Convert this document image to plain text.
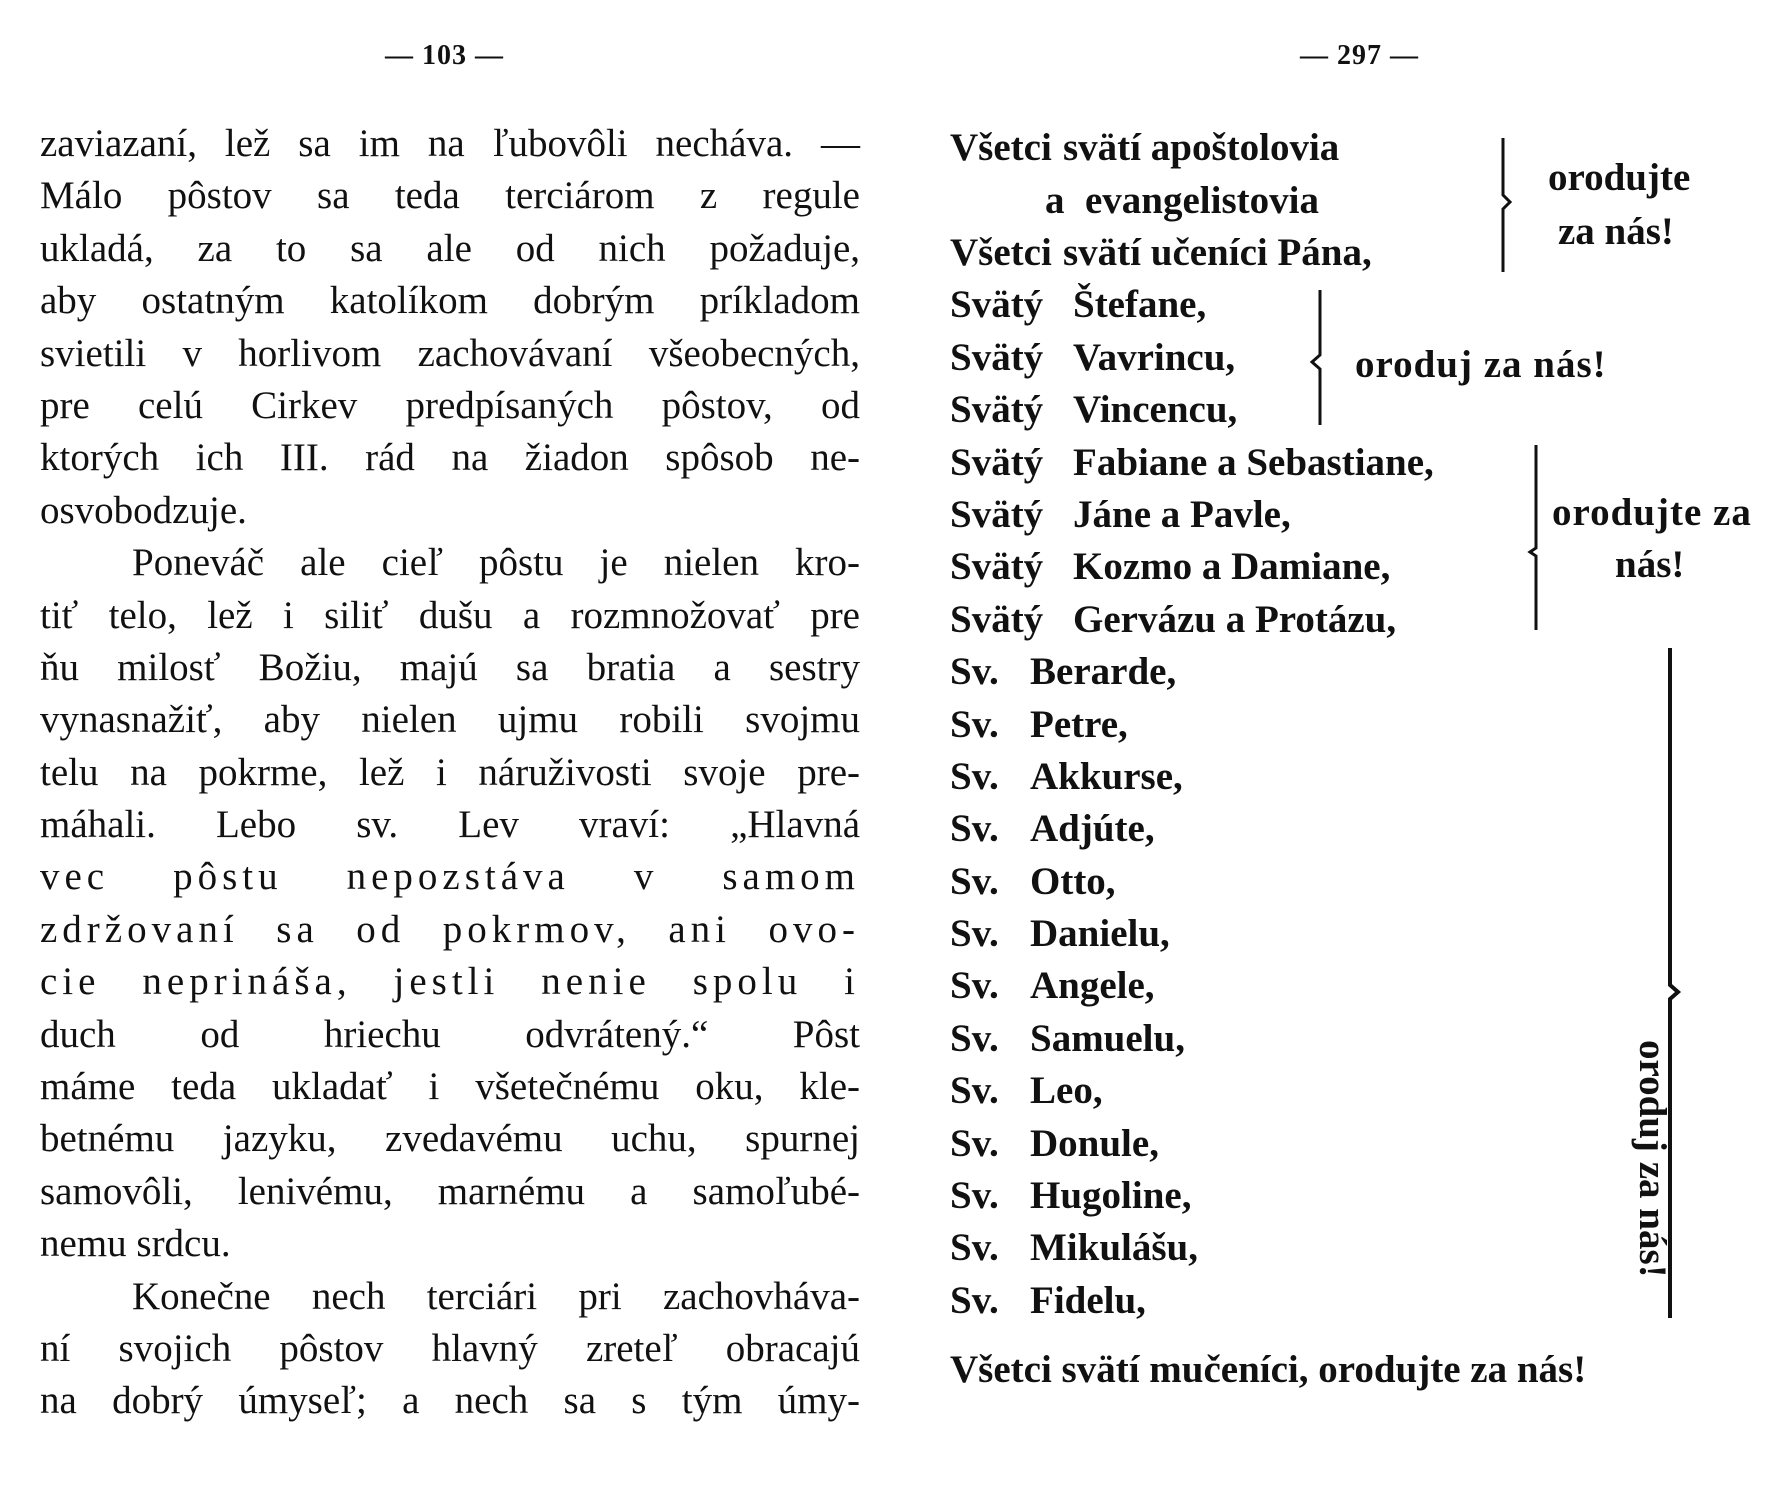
— 103 —	— 297 —
zaviazaní, lež sa im na ľubovôli necháva. —
Málo pôstov sa teda terciárom z regule
ukladá, za to sa ale od nich požaduje,
aby ostatným katolíkom dobrým príkladom
svietili v horlivom zachovávaní všeobecných,
pre celú Cirkev predpísaných pôstov, od
ktorých ich III. rád na žiadon spôsob ne-
osvobodzuje.
Poneváč ale cieľ pôstu je nielen kro-
tiť telo, lež i siliť dušu a rozmnožovať pre
ňu milosť Božiu, majú sa bratia a sestry
vynasnažiť, aby nielen ujmu robili svojmu
telu na pokrme, lež i náruživosti svoje pre-
máhali. Lebo sv. Lev vraví: „Hlavná
vec pôstu nepozstáva v samom
zdržovaní sa od pokrmov, ani ovo-
cie neprináša, jestli nenie spolu i
duch od hriechu odvrátený.“ Pôst
máme teda ukladať i všetečnému oku, kle-
betnému jazyku, zvedavému uchu, spurnej
samovôli, lenivému, marnému a samoľubé-
nemu srdcu.
Konečne nech terciári pri zachovháva-
ní svojich pôstov hlavný zreteľ obracajú
na dobrý úmyseľ; a nech sa s tým úmy-
Všetci svätí apoštolovia
a evangelistovia
Všetci svätí učeníci Pána,
Svätý Štefane,
Svätý Vavrincu,
Svätý Vincencu,
Svätý Fabiane a Sebastiane,
Svätý Jáne a Pavle,
Svätý Kozmo a Damiane,
Svätý Gervázu a Protázu,
Sv. Berarde,
Sv. Petre,
Sv. Akkurse,
Sv. Adjúte,
Sv. Otto,
Sv. Danielu,
Sv. Angele,
Sv. Samuelu,
Sv. Leo,
Sv. Donule,
Sv. Hugoline,
Sv. Mikulášu,
Sv. Fidelu,
orodujte
za nás!
oroduj za nás!
orodujte za
nás!
oroduj za nás!
Všetci svätí mučeníci, orodujte za nás!
